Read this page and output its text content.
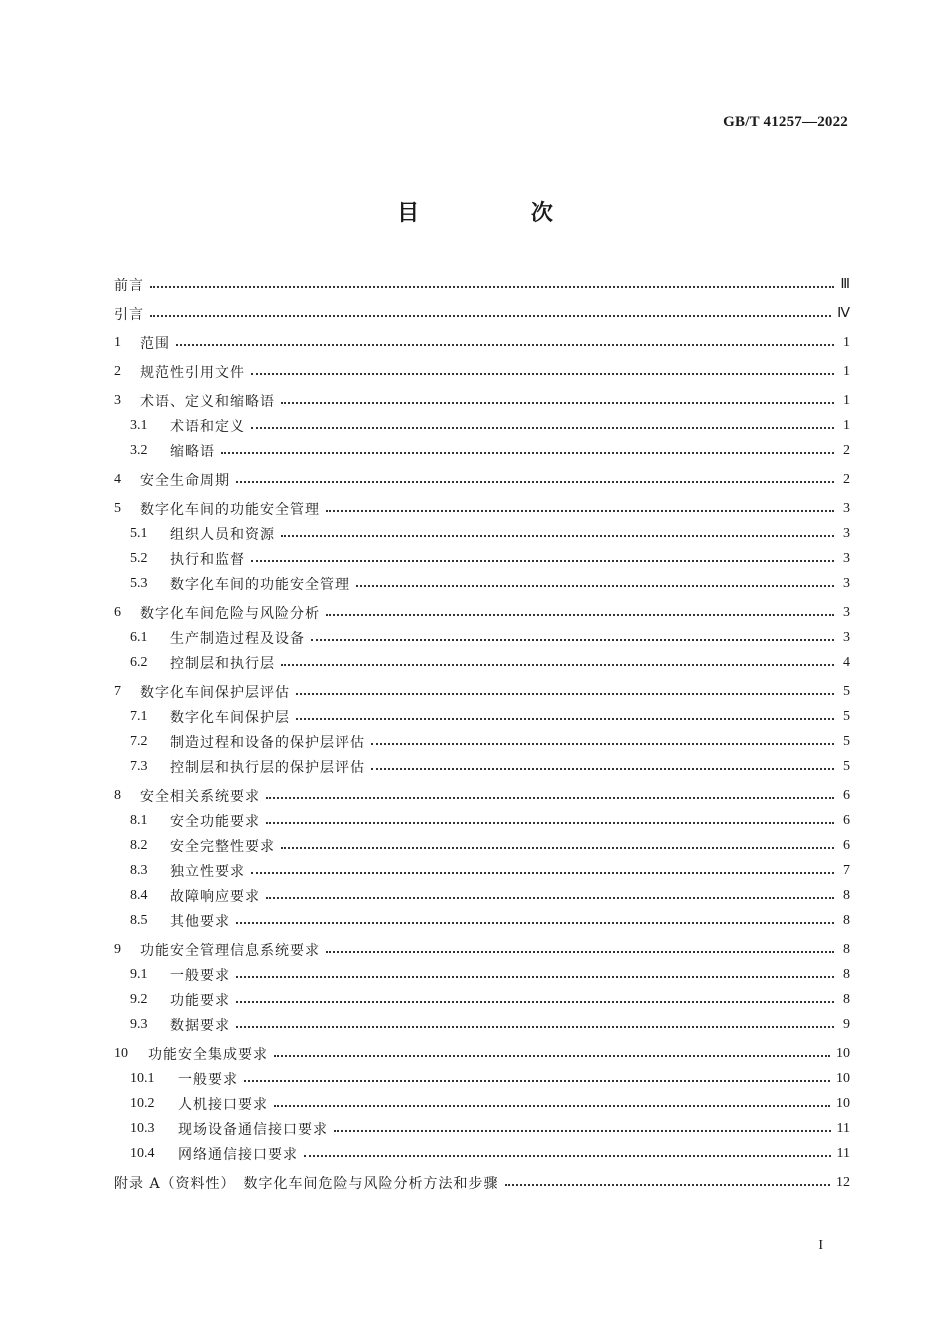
GB/T 41257—2022
目 次
前言	Ⅲ
引言	Ⅳ
1	范围	1
2	规范性引用文件	1
3	术语、定义和缩略语	1
3.1	术语和定义	1
3.2	缩略语	2
4	安全生命周期	2
5	数字化车间的功能安全管理	3
5.1	组织人员和资源	3
5.2	执行和监督	3
5.3	数字化车间的功能安全管理	3
6	数字化车间危险与风险分析	3
6.1	生产制造过程及设备	3
6.2	控制层和执行层	4
7	数字化车间保护层评估	5
7.1	数字化车间保护层	5
7.2	制造过程和设备的保护层评估	5
7.3	控制层和执行层的保护层评估	5
8	安全相关系统要求	6
8.1	安全功能要求	6
8.2	安全完整性要求	6
8.3	独立性要求	7
8.4	故障响应要求	8
8.5	其他要求	8
9	功能安全管理信息系统要求	8
9.1	一般要求	8
9.2	功能要求	8
9.3	数据要求	9
10	功能安全集成要求	10
10.1	一般要求	10
10.2	人机接口要求	10
10.3	现场设备通信接口要求	11
10.4	网络通信接口要求	11
附录 A（资料性）　数字化车间危险与风险分析方法和步骤	12
I
